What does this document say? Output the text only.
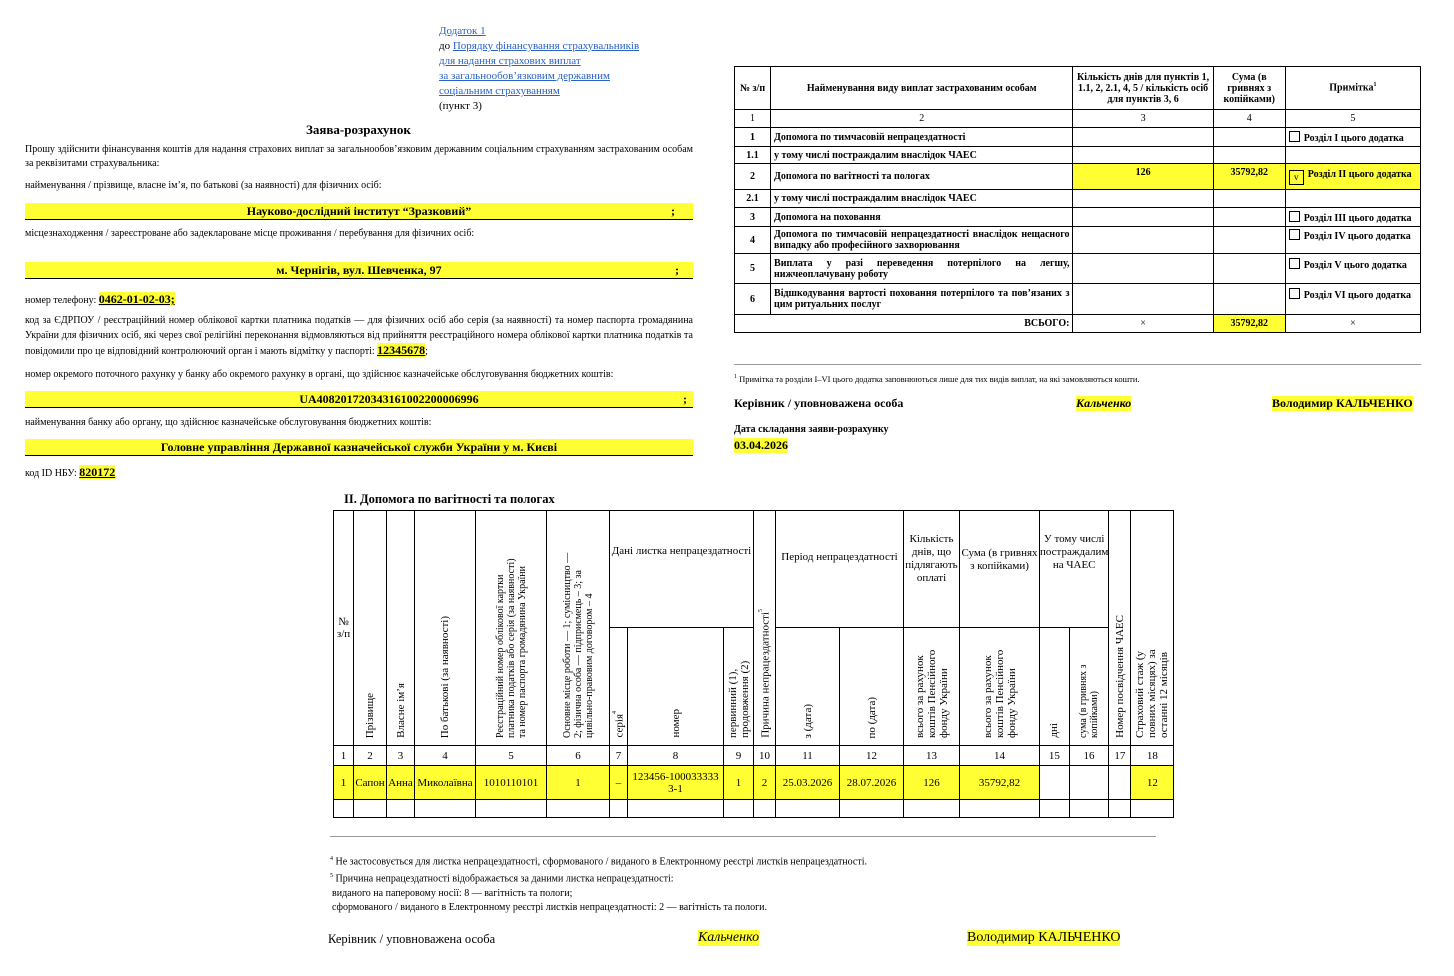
Додаток 1
до Порядку фінансування страхувальників
для надання страхових виплат
за загальнообов’язковим державним
соціальним страхуванням
(пункт 3)
Заява-розрахунок
Прошу здійснити фінансування коштів для надання страхових виплат за загальнообов’язковим державним соціальним страхуванням застрахованим особам за реквізитами страхувальника:
найменування / прізвище, власне ім’я, по батькові (за наявності) для фізичних осіб:
Науково-дослідний інститут “Зразковий”	;
місцезнаходження / зареєстроване або задеклароване місце проживання / перебування для фізичних осіб:
м. Чернігів, вул. Шевченка, 97	;
номер телефону: 0462-01-02-03;
код за ЄДРПОУ / реєстраційний номер облікової картки платника податків — для фізичних осіб або серія (за наявності) та номер паспорта громадянина України для фізичних осіб, які через свої релігійні переконання відмовляються від прийняття реєстраційного номера облікової картки платника податків та повідомили про це відповідний контролюючий орган і мають відмітку у паспорті: 12345678;
номер окремого поточного рахунку у банку або окремого рахунку в органі, що здійснює казначейське обслуговування бюджетних коштів:
UA408201720343161002200006996	;
найменування банку або органу, що здійснює казначейське обслуговування бюджетних коштів:
Головне управління Державної казначейської служби України у м. Києві
код ID НБУ: 820172
№ з/п	Найменування виду виплат застрахованим особам	Кількість днів для пунктів 1, 1.1, 2, 2.1, 4, 5 / кількість осіб для пунктів 3, 6	Сума (в гривнях з копійками)	Примітка$^1$
1	2	3	4	5
1	Допомога по тимчасовій непрацездатності			Розділ I цього додатка
1.1	у тому числі постраждалим внаслідок ЧАЕС			
2	Допомога по вагітності та пологах	126	35792,82	v Розділ II цього додатка
2.1	у тому числі постраждалим внаслідок ЧАЕС			
3	Допомога на поховання			Розділ III цього додатка
4	Допомога по тимчасовій непрацездатності внаслідок нещасного випадку або професійного захворювання			Розділ IV цього додатка
5	Виплата у разі переведення потерпілого на легшу, нижчеоплачувану роботу			Розділ V цього додатка
6	Відшкодування вартості поховання потерпілого та пов’язаних з цим ритуальних послуг			Розділ VI цього додатка
ВСЬОГО:		×	35792,82	×
$^1$ Примітка та розділи I–VI цього додатка заповнюються лише для тих видів виплат, на які замовляються кошти.
Керівник / уповноважена особа	Кальченко	Володимир КАЛЬЧЕНКО
Дата складання заяви-розрахунку
03.04.2026
II. Допомога по вагітності та пологах
№ з/п	Прізвище	Власне ім’я	По батькові (за наявності)	Реєстраційний номер облікової картки платника податків або серія (за наявності) та номер паспорта громадянина України	Основне місце роботи — 1; сумісництво — 2; фізична особа — підприємець – 3; за цивільно-правовим договором – 4	Дані листка непрацездатності			Причина непрацездатності$^5$	Період непрацездатності		Кількість днів, що підлягають оплаті	Сума (в гривнях з копійками)	У тому числі постраждалим на ЧАЕС		Номер посвідчення ЧАЕС	Страховий стаж (у повних місяцях) за останні 12 місяців
						серія$^4$	номер	первинний (1), продовження (2)		з (дата)	по (дата)	всього за рахунок коштів Пенсійного фонду України	всього за рахунок коштів Пенсійного фонду України	дні	сума (в гривнях з копійками)		
1	2	3	4	5	6	7	8	9	10	11	12	13	14	15	16	17	18
1	Сапон	Анна	Миколаївна	1010110101	1	–	123456-1000333333-1	1	2	25.03.2026	28.07.2026	126	35792,82				12

$^4$ Не застосовується для листка непрацездатності, сформованого / виданого в Електронному реєстрі листків непрацездатності.
$^5$ Причина непрацездатності відображається за даними листка непрацездатності:
виданого на паперовому носії: 8 — вагітність та пологи;
сформованого / виданого в Електронному реєстрі листків непрацездатності: 2 — вагітність та пологи.
Керівник / уповноважена особа	Кальченко	Володимир КАЛЬЧЕНКО
